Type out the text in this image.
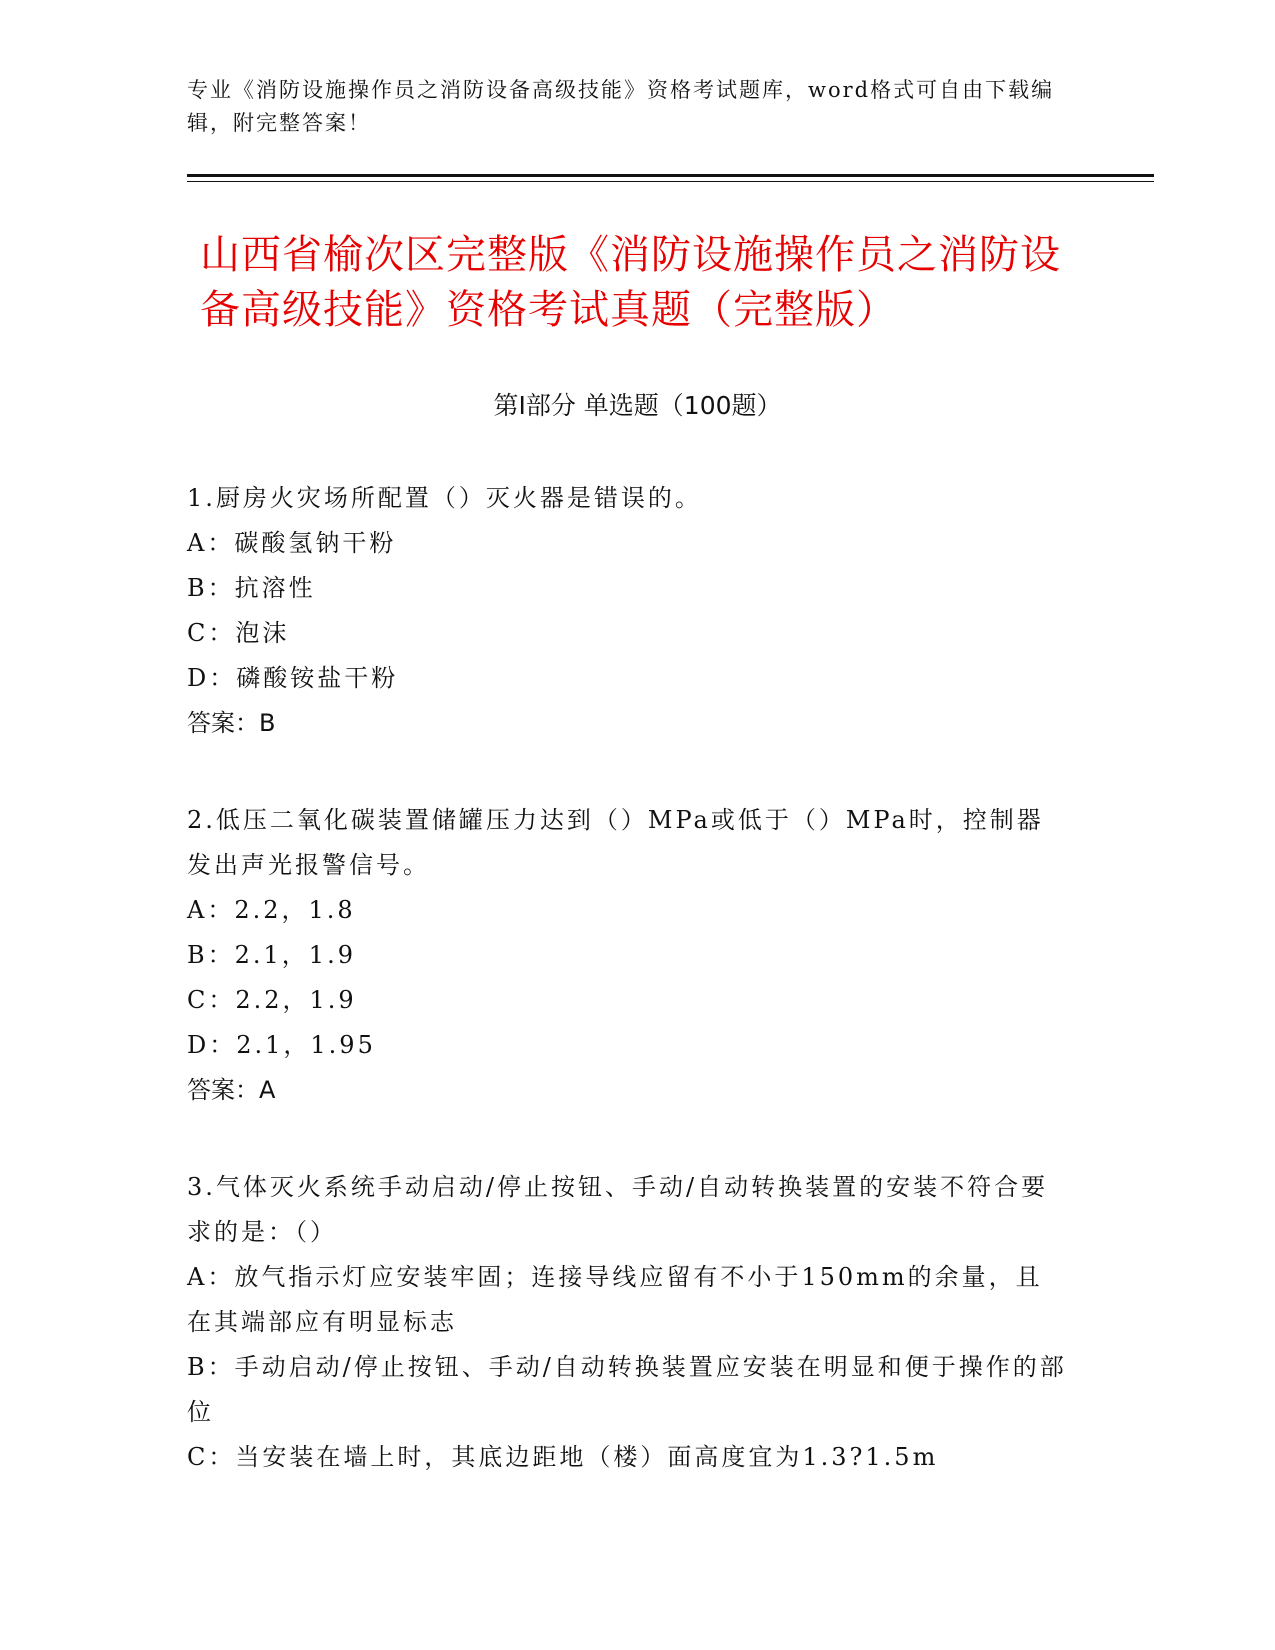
专业《消防设施操作员之消防设备高级技能》资格考试题库，word格式可自由下载编辑，附完整答案！
山西省榆次区完整版《消防设施操作员之消防设备高级技能》资格考试真题（完整版）
第I部分 单选题（100题）

1.厨房火灾场所配置（）灭火器是错误的。

A：碳酸氢钠干粉

B：抗溶性

C：泡沫

D：磷酸铵盐干粉

答案：B

2.低压二氧化碳装置储罐压力达到（）MPa或低于（）MPa时，控制器发出声光报警信号。

A：2.2，1.8

B：2.1，1.9

C：2.2，1.9

D：2.1，1.95

答案：A

3.气体灭火系统手动启动/停止按钮、手动/自动转换装置的安装不符合要求的是：（）

A：放气指示灯应安装牢固；连接导线应留有不小于150mm的余量，且在其端部应有明显标志

B：手动启动/停止按钮、手动/自动转换装置应安装在明显和便于操作的部位

C：当安装在墙上时，其底边距地（楼）面高度宜为1.3?1.5m
